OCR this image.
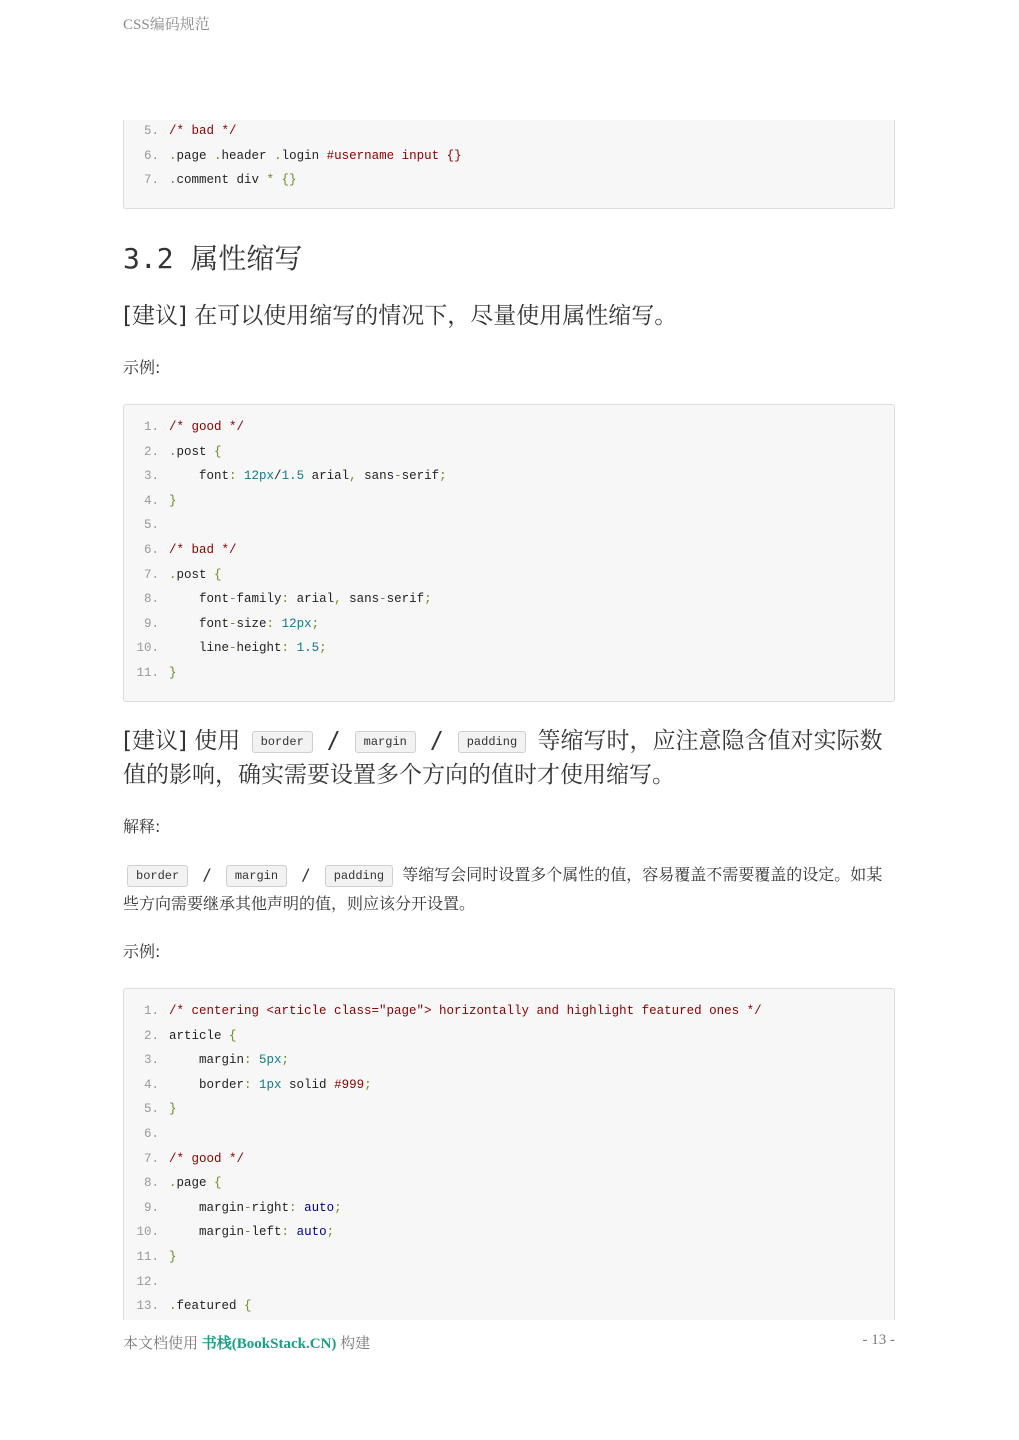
CSS编码规范
5. /* bad */
6. .page .header .login #username input {}
7. .comment div * {}
3.2 属性缩写
[建议] 在可以使用缩写的情况下，尽量使用属性缩写。

示例:

1. /* good */
2. .post {
3. font: 12px/1.5 arial, sans-serif;
4. }
5.
6. /* bad */
7. .post {
8. font-family: arial, sans-serif;
9. font-size: 12px;
10. line-height: 1.5;
11. }
[建议] 使用 border / margin / padding 等缩写时，应注意隐含值对实际数值的影响，确实需要设置多个方向的值时才使用缩写。

解释:

border / margin / padding 等缩写会同时设置多个属性的值，容易覆盖不需要覆盖的设定。如某些方向需要继承其他声明的值，则应该分开设置。

示例:

1. /* centering <article class="page"> horizontally and highlight featured ones */
2. article {
3. margin: 5px;
4. border: 1px solid #999;
5. }
6.
7. /* good */
8. .page {
9. margin-right: auto;
10. margin-left: auto;
11. }
12.
13. .featured {
本文档使用 书栈(BookStack.CN) 构建	- 13 -
